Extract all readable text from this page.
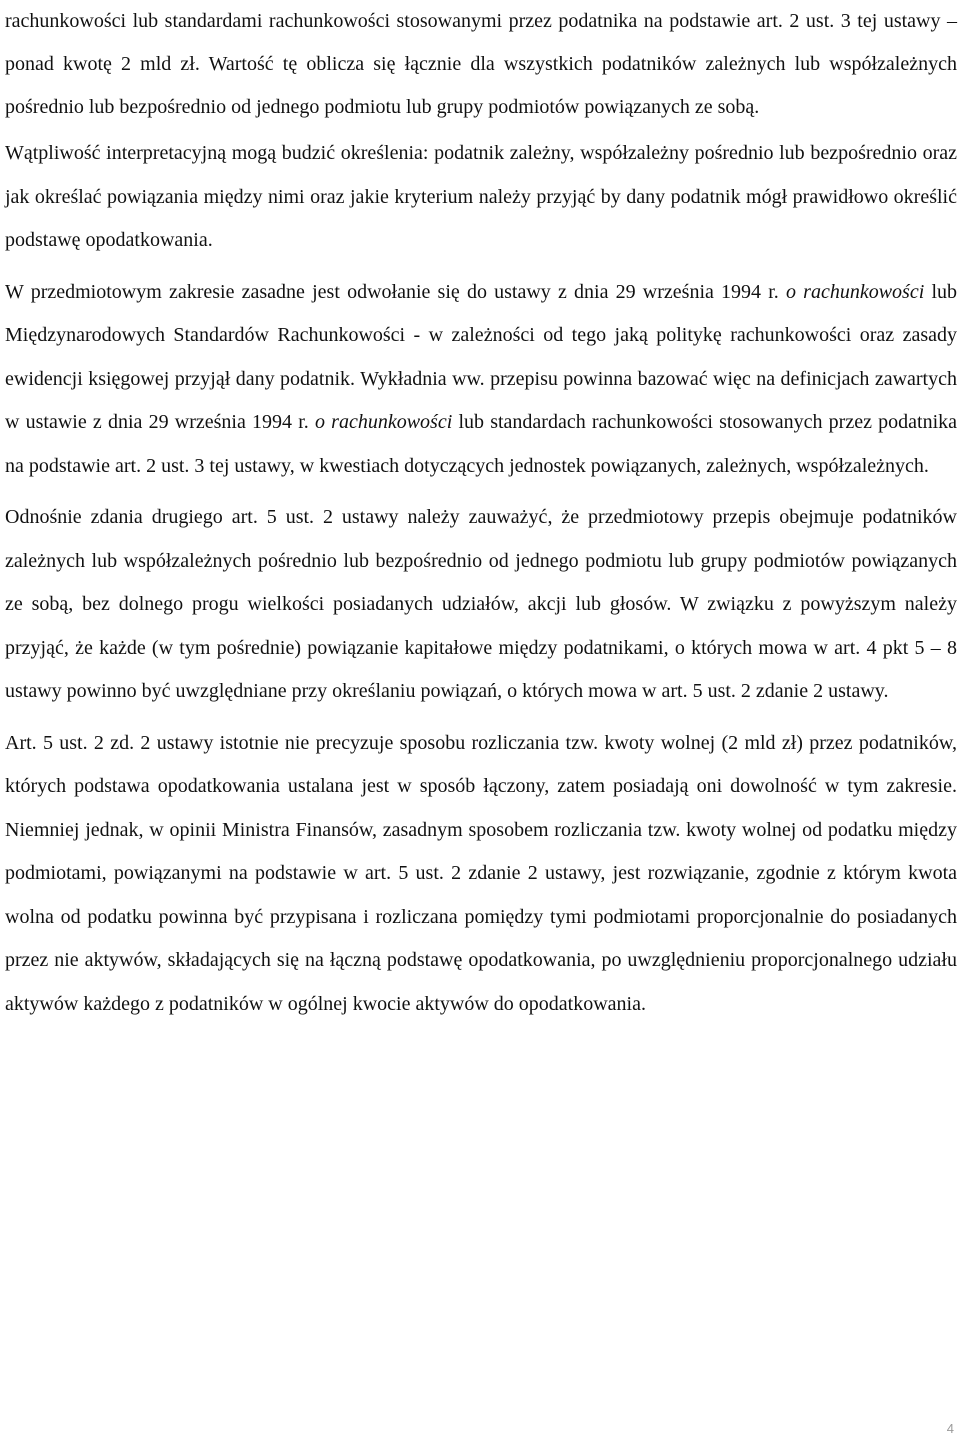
rachunkowości lub standardami rachunkowości stosowanymi przez podatnika na podstawie art. 2 ust. 3 tej ustawy – ponad kwotę 2 mld zł. Wartość tę oblicza się łącznie dla wszystkich podatników zależnych lub współzależnych pośrednio lub bezpośrednio od jednego podmiotu lub grupy podmiotów powiązanych ze sobą.

Wątpliwość interpretacyjną mogą budzić określenia: podatnik zależny, współzależny pośrednio lub bezpośrednio oraz jak określać powiązania między nimi oraz jakie kryterium należy przyjąć by dany podatnik mógł prawidłowo określić podstawę opodatkowania.

W przedmiotowym zakresie zasadne jest odwołanie się do ustawy z dnia 29 września 1994 r. o rachunkowości lub Międzynarodowych Standardów Rachunkowości - w zależności od tego jaką politykę rachunkowości oraz zasady ewidencji księgowej przyjął dany podatnik. Wykładnia ww. przepisu powinna bazować więc na definicjach zawartych w ustawie z dnia 29 września 1994 r. o rachunkowości lub standardach rachunkowości stosowanych przez podatnika na podstawie art. 2 ust. 3 tej ustawy, w kwestiach dotyczących jednostek powiązanych, zależnych, współzależnych.

Odnośnie zdania drugiego art. 5 ust. 2 ustawy należy zauważyć, że przedmiotowy przepis obejmuje podatników zależnych lub współzależnych pośrednio lub bezpośrednio od jednego podmiotu lub grupy podmiotów powiązanych ze sobą, bez dolnego progu wielkości posiadanych udziałów, akcji lub głosów. W związku z powyższym należy przyjąć, że każde (w tym pośrednie) powiązanie kapitałowe między podatnikami, o których mowa w art. 4 pkt 5 – 8 ustawy powinno być uwzględniane przy określaniu powiązań, o których mowa w art. 5 ust. 2 zdanie 2 ustawy.

Art. 5 ust. 2 zd. 2 ustawy istotnie nie precyzuje sposobu rozliczania tzw. kwoty wolnej (2 mld zł) przez podatników, których podstawa opodatkowania ustalana jest w sposób łączony, zatem posiadają oni dowolność w tym zakresie. Niemniej jednak, w opinii Ministra Finansów, zasadnym sposobem rozliczania tzw. kwoty wolnej od podatku między podmiotami, powiązanymi na podstawie w art. 5 ust. 2 zdanie 2 ustawy, jest rozwiązanie, zgodnie z którym kwota wolna od podatku powinna być przypisana i rozliczana pomiędzy tymi podmiotami proporcjonalnie do posiadanych przez nie aktywów, składających się na łączną podstawę opodatkowania, po uwzględnieniu proporcjonalnego udziału aktywów każdego z podatników w ogólnej kwocie aktywów do opodatkowania.

4
